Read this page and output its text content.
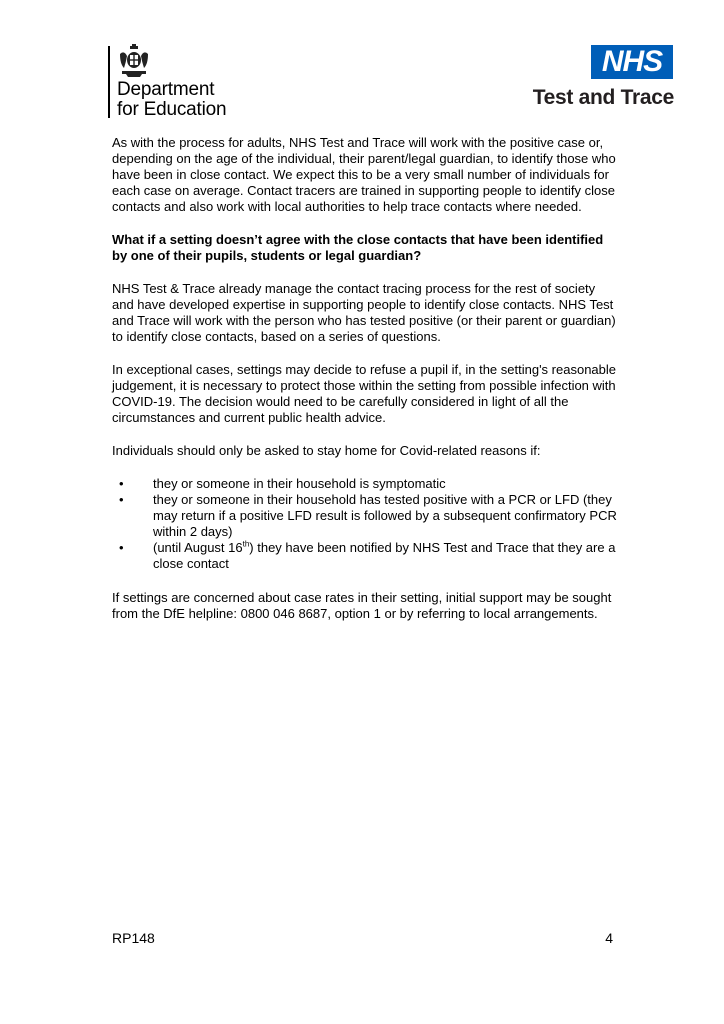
Department
for Education
NHS
Test and Trace

As with the process for adults, NHS Test and Trace will work with the positive case or, depending on the age of the individual, their parent/legal guardian, to identify those who have been in close contact. We expect this to be a very small number of individuals for each case on average. Contact tracers are trained in supporting people to identify close contacts and also work with local authorities to help trace contacts where needed.

What if a setting doesn’t agree with the close contacts that have been identified by one of their pupils, students or legal guardian?

NHS Test & Trace already manage the contact tracing process for the rest of society and have developed expertise in supporting people to identify close contacts. NHS Test and Trace will work with the person who has tested positive (or their parent or guardian) to identify close contacts, based on a series of questions.

In exceptional cases, settings may decide to refuse a pupil if, in the setting's reasonable judgement, it is necessary to protect those within the setting from possible infection with COVID-19. The decision would need to be carefully considered in light of all the circumstances and current public health advice.

Individuals should only be asked to stay home for Covid-related reasons if:

• they or someone in their household is symptomatic
• they or someone in their household has tested positive with a PCR or LFD (they may return if a positive LFD result is followed by a subsequent confirmatory PCR within 2 days)
• (until August 16th) they have been notified by NHS Test and Trace that they are a close contact

If settings are concerned about case rates in their setting, initial support may be sought from the DfE helpline: 0800 046 8687, option 1 or by referring to local arrangements.

RP148	4
